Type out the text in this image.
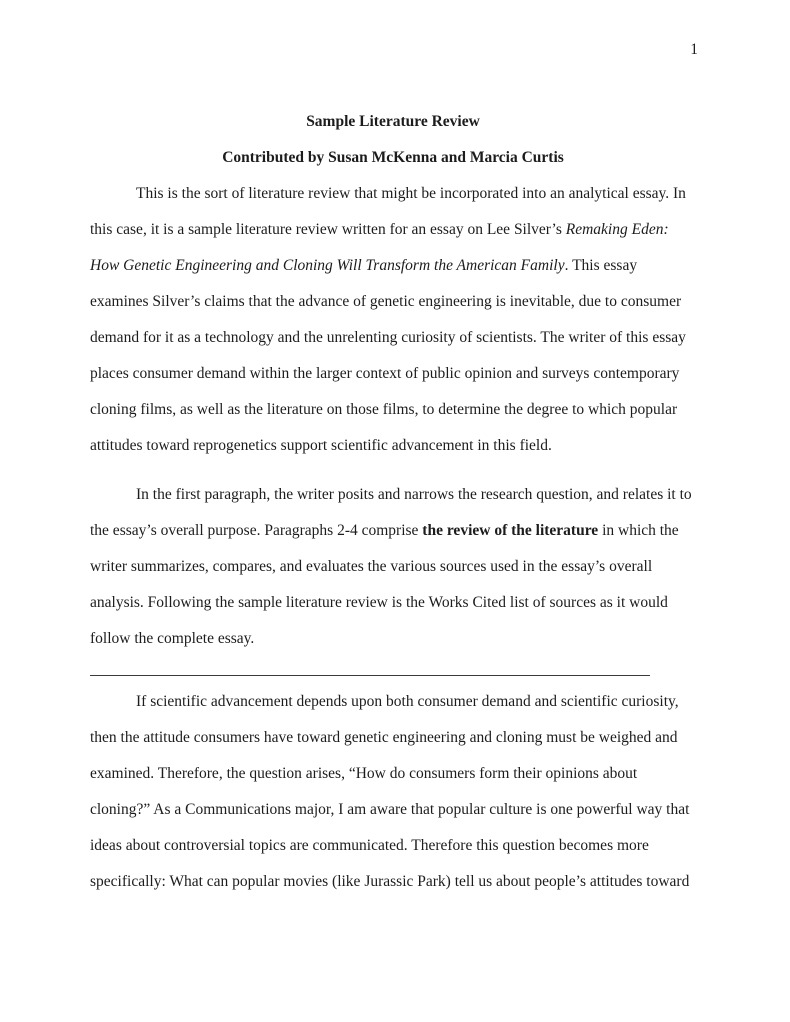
1
Sample Literature Review
Contributed by Susan McKenna and Marcia Curtis

This is the sort of literature review that might be incorporated into an analytical essay. In this case, it is a sample literature review written for an essay on Lee Silver’s Remaking Eden: How Genetic Engineering and Cloning Will Transform the American Family. This essay examines Silver’s claims that the advance of genetic engineering is inevitable, due to consumer demand for it as a technology and the unrelenting curiosity of scientists. The writer of this essay places consumer demand within the larger context of public opinion and surveys contemporary cloning films, as well as the literature on those films, to determine the degree to which popular attitudes toward reprogenetics support scientific advancement in this field.

In the first paragraph, the writer posits and narrows the research question, and relates it to the essay’s overall purpose. Paragraphs 2-4 comprise the review of the literature in which the writer summarizes, compares, and evaluates the various sources used in the essay’s overall analysis. Following the sample literature review is the Works Cited list of sources as it would follow the complete essay.

If scientific advancement depends upon both consumer demand and scientific curiosity, then the attitude consumers have toward genetic engineering and cloning must be weighed and examined. Therefore, the question arises, “How do consumers form their opinions about cloning?” As a Communications major, I am aware that popular culture is one powerful way that ideas about controversial topics are communicated. Therefore this question becomes more specifically: What can popular movies (like Jurassic Park) tell us about people’s attitudes toward
